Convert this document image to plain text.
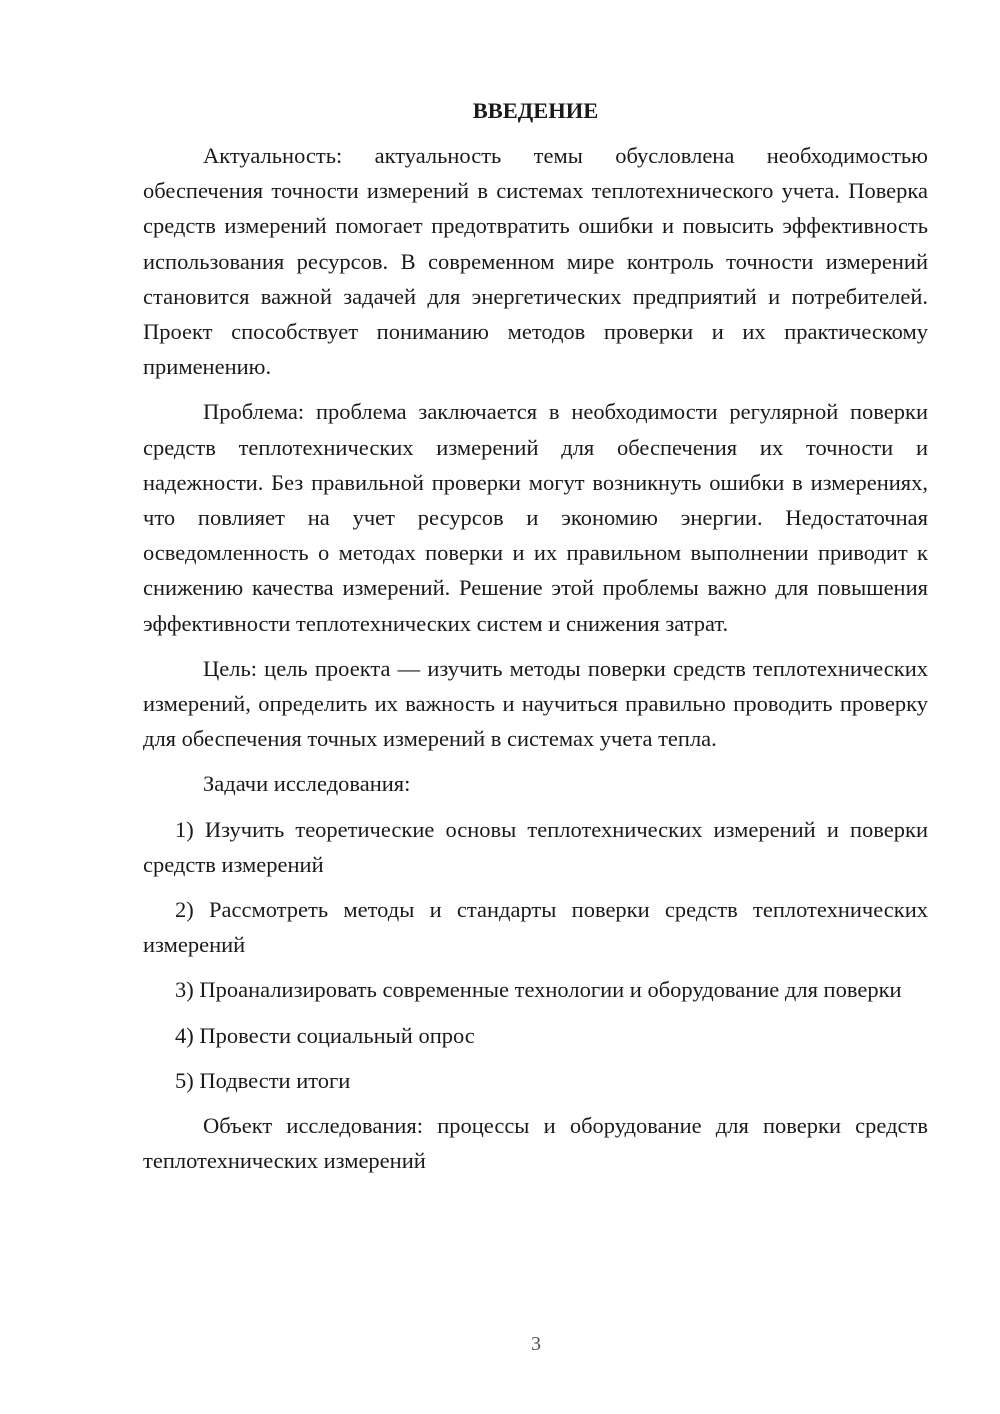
ВВЕДЕНИЕ

Актуальность: актуальность темы обусловлена необходимостью обеспечения точности измерений в системах теплотехнического учета. Поверка средств измерений помогает предотвратить ошибки и повысить эффективность использования ресурсов. В современном мире контроль точности измерений становится важной задачей для энергетических предприятий и потребителей. Проект способствует пониманию методов проверки и их практическому применению.

Проблема: проблема заключается в необходимости регулярной поверки средств теплотехнических измерений для обеспечения их точности и надежности. Без правильной проверки могут возникнуть ошибки в измерениях, что повлияет на учет ресурсов и экономию энергии. Недостаточная осведомленность о методах поверки и их правильном выполнении приводит к снижению качества измерений. Решение этой проблемы важно для повышения эффективности теплотехнических систем и снижения затрат.

Цель: цель проекта — изучить методы поверки средств теплотехнических измерений, определить их важность и научиться правильно проводить проверку для обеспечения точных измерений в системах учета тепла.

Задачи исследования:

1) Изучить теоретические основы теплотехнических измерений и поверки средств измерений

2) Рассмотреть методы и стандарты поверки средств теплотехнических измерений

3) Проанализировать современные технологии и оборудование для поверки

4) Провести социальный опрос

5) Подвести итоги

Объект исследования: процессы и оборудование для поверки средств теплотехнических измерений

3
